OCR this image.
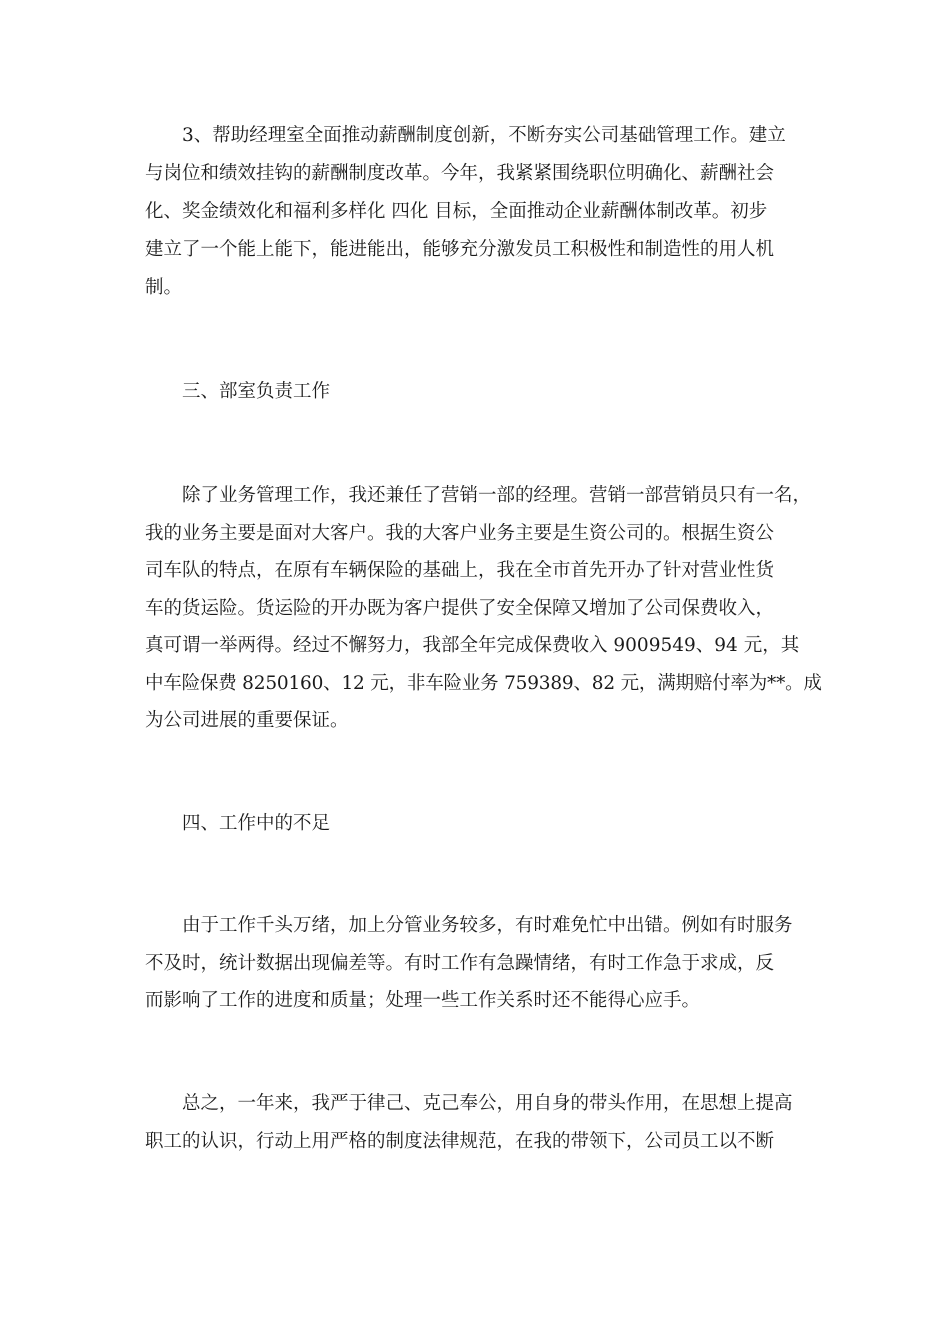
　　3、帮助经理室全面推动薪酬制度创新，不断夯实公司基础管理工作。建立
与岗位和绩效挂钩的薪酬制度改革。今年，我紧紧围绕职位明确化、薪酬社会
化、奖金绩效化和福利多样化 四化 目标，全面推动企业薪酬体制改革。初步
建立了一个能上能下，能进能出，能够充分激发员工积极性和制造性的用人机
制。
　　三、部室负责工作
　　除了业务管理工作，我还兼任了营销一部的经理。营销一部营销员只有一名，
我的业务主要是面对大客户。我的大客户业务主要是生资公司的。根据生资公
司车队的特点，在原有车辆保险的基础上，我在全市首先开办了针对营业性货
车的货运险。货运险的开办既为客户提供了安全保障又增加了公司保费收入，
真可谓一举两得。经过不懈努力，我部全年完成保费收入 9009549、94 元，其
中车险保费 8250160、12 元，非车险业务 759389、82 元，满期赔付率为**。成
为公司进展的重要保证。
　　四、工作中的不足
　　由于工作千头万绪，加上分管业务较多，有时难免忙中出错。例如有时服务
不及时，统计数据出现偏差等。有时工作有急躁情绪，有时工作急于求成，反
而影响了工作的进度和质量；处理一些工作关系时还不能得心应手。
　　总之，一年来，我严于律己、克己奉公，用自身的带头作用，在思想上提高
职工的认识，行动上用严格的制度法律规范，在我的带领下，公司员工以不断
